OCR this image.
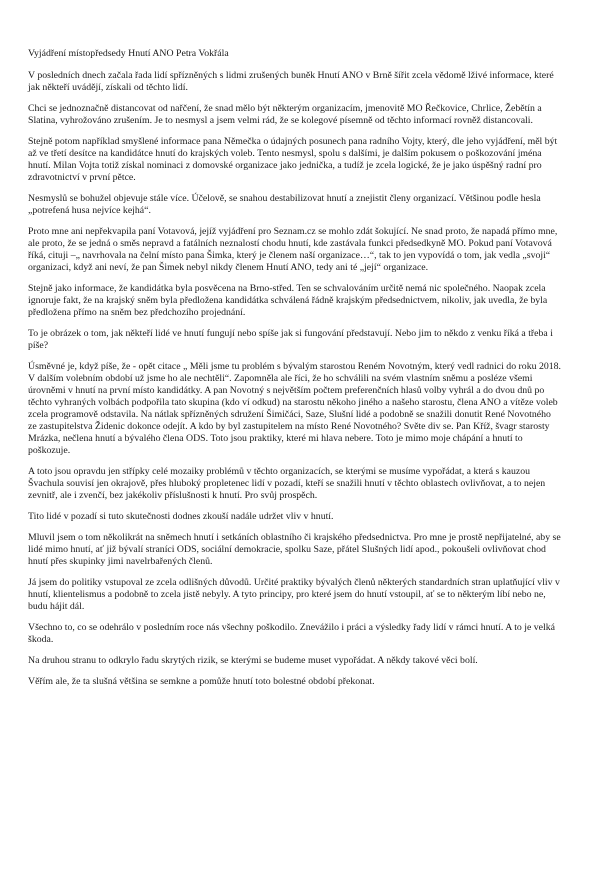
Vyjádření místopředsedy Hnutí ANO Petra Vokřála

V posledních dnech začala řada lidí spřízněných s lidmi zrušených buněk Hnutí ANO v Brně šířit zcela vědomě lživé informace, které jak někteří uvádějí, získali od těchto lidí.

Chci se jednoznačně distancovat od nařčení, že snad mělo být některým organizacím, jmenovitě MO Řečkovice, Chrlice, Žebětín a Slatina, vyhrožováno zrušením. Je to nesmysl a jsem velmi rád, že se kolegové písemně od těchto informací rovněž distancovali.

Stejně potom například smyšlené informace pana Němečka o údajných posunech pana radního Vojty, který, dle jeho vyjádření, měl být až ve třetí desítce na kandidátce hnutí do krajských voleb. Tento nesmysl, spolu s dalšími, je dalším pokusem o poškozování jména hnutí. Milan Vojta totiž získal nominaci z domovské organizace jako jednička, a tudíž je zcela logické, že je jako úspěšný radní pro zdravotnictví v první pětce.

Nesmyslů se bohužel objevuje stále více. Účelově, se snahou destabilizovat hnutí a znejistit členy organizací. Většinou podle hesla „potrefená husa nejvíce kejhá“.

Proto mne ani nepřekvapila paní Votavová, jejíž vyjádření pro Seznam.cz se mohlo zdát šokující. Ne snad proto, že napadá přímo mne, ale proto, že se jedná o směs nepravd a fatálních neznalostí chodu hnutí, kde zastávala funkci předsedkyně MO. Pokud paní Votavová říká, cituji –„ navrhovala na čelní místo pana Šimka, který je členem naší organizace…“, tak to jen vypovídá o tom, jak vedla „svoji“ organizaci, když ani neví, že pan Šimek nebyl nikdy členem Hnutí ANO, tedy ani té „její“ organizace.

Stejně jako informace, že kandidátka byla posvěcena na Brno-střed. Ten se schvalováním určitě nemá nic společného. Naopak zcela ignoruje fakt, že na krajský sněm byla předložena kandidátka schválená řádně krajským předsednictvem, nikoliv, jak uvedla, že byla předložena přímo na sněm bez předchozího projednání.

To je obrázek o tom, jak někteří lidé ve hnutí fungují nebo spíše jak si fungování představují. Nebo jim to někdo z venku říká a třeba i píše?

Úsměvné je, když píše, že - opět citace „ Měli jsme tu problém s bývalým starostou Reném Novotným, který vedl radnici do roku 2018. V dalším volebním období už jsme ho ale nechtěli“. Zapomněla ale říci, že ho schválili na svém vlastním sněmu a posléze všemi úrovněmi v hnutí na první místo kandidátky. A pan Novotný s největším počtem preferenčních hlasů volby vyhrál a do dvou dnů po těchto vyhraných volbách podpořila tato skupina (kdo ví odkud) na starostu někoho jiného a našeho starostu, člena ANO a vítěze voleb zcela programově odstavila. Na nátlak spřízněných sdružení Šimičáci, Saze, Slušní lidé a podobně se snažili donutit René Novotného ze zastupitelstva Židenic dokonce odejít. A kdo by byl zastupitelem na místo René Novotného? Světe div se. Pan Kříž, švagr starosty Mrázka, nečlena hnutí a bývalého člena ODS. Toto jsou praktiky, které mi hlava nebere. Toto je mimo moje chápání a hnutí to poškozuje.

A toto jsou opravdu jen střípky celé mozaiky problémů v těchto organizacích, se kterými se musíme vypořádat, a která s kauzou Švachula souvisí jen okrajově, přes hluboký propletenec lidí v pozadí, kteří se snažili hnutí v těchto oblastech ovlivňovat, a to nejen zevnitř, ale i zvenčí, bez jakékoliv příslušnosti k hnutí. Pro svůj prospěch.

Tito lidé v pozadí si tuto skutečnosti dodnes zkouší nadále udržet vliv v hnutí.

Mluvil jsem o tom několikrát na sněmech hnutí i setkáních oblastního či krajského předsednictva. Pro mne je prostě nepřijatelné, aby se lidé mimo hnutí, ať již bývalí straníci ODS, sociální demokracie, spolku Saze, přátel Slušných lidí apod., pokoušeli ovlivňovat chod hnutí přes skupinky jimi navelrbařených členů.

Já jsem do politiky vstupoval ze zcela odlišných důvodů. Určité praktiky bývalých členů některých standardních stran uplatňující vliv v hnutí, klientelismus a podobně to zcela jistě nebyly. A tyto principy, pro které jsem do hnutí vstoupil, ať se to některým líbí nebo ne, budu hájit dál.

Všechno to, co se odehrálo v posledním roce nás všechny poškodilo. Znevážilo i práci a výsledky řady lidí v rámci hnutí. A to je velká škoda.

Na druhou stranu to odkrylo řadu skrytých rizik, se kterými se budeme muset vypořádat. A někdy takové věci bolí.

Věřím ale, že ta slušná většina se semkne a pomůže hnutí toto bolestné období překonat.
